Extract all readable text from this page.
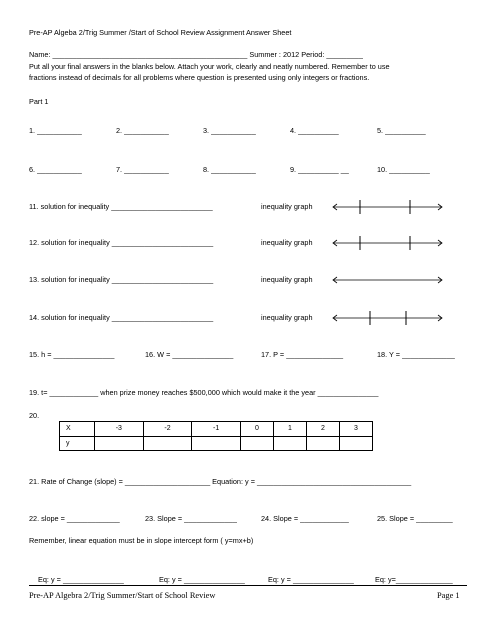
Pre-AP Algeba 2/Trig Summer /Start of School Review Assignment Answer Sheet
Name: ________________________________________________ Summer : 2012 Period: _________
Put all your final answers in the blanks below. Attach your work, clearly and neatly numbered. Remember to use
fractions instead of decimals for all problems where question is presented using only integers or fractions.
Part 1
1. ___________	2. ___________	3. ___________	4. __________	5. __________
6. ___________	7. ___________	8. ___________	9. __________ __	10. __________
11. solution for inequality _________________________	inequality graph
12. solution for inequality _________________________	inequality graph
13. solution for inequality _________________________	inequality graph
14. solution for inequality _________________________	inequality graph
15. h = _______________	16. W = _______________	17. P = ______________	18. Y = _____________
19. t= ____________ when prize money reaches $500,000 which would make it the year _______________
20.
X	-3	-2	-1	0	1	2	3
y							
21. Rate of Change (slope) = _____________________ Equation: y = ______________________________________
22. slope = _____________	23. Slope = _____________	24. Slope = ____________	25. Slope = _________
Remember, linear equation must be in slope intercept form ( y=mx+b)
Eq: y = _______________	Eq: y = _______________	Eq: y = _______________	Eq: y=______________
Pre-AP Algebra 2/Trig Summer/Start of School Review	Page 1
